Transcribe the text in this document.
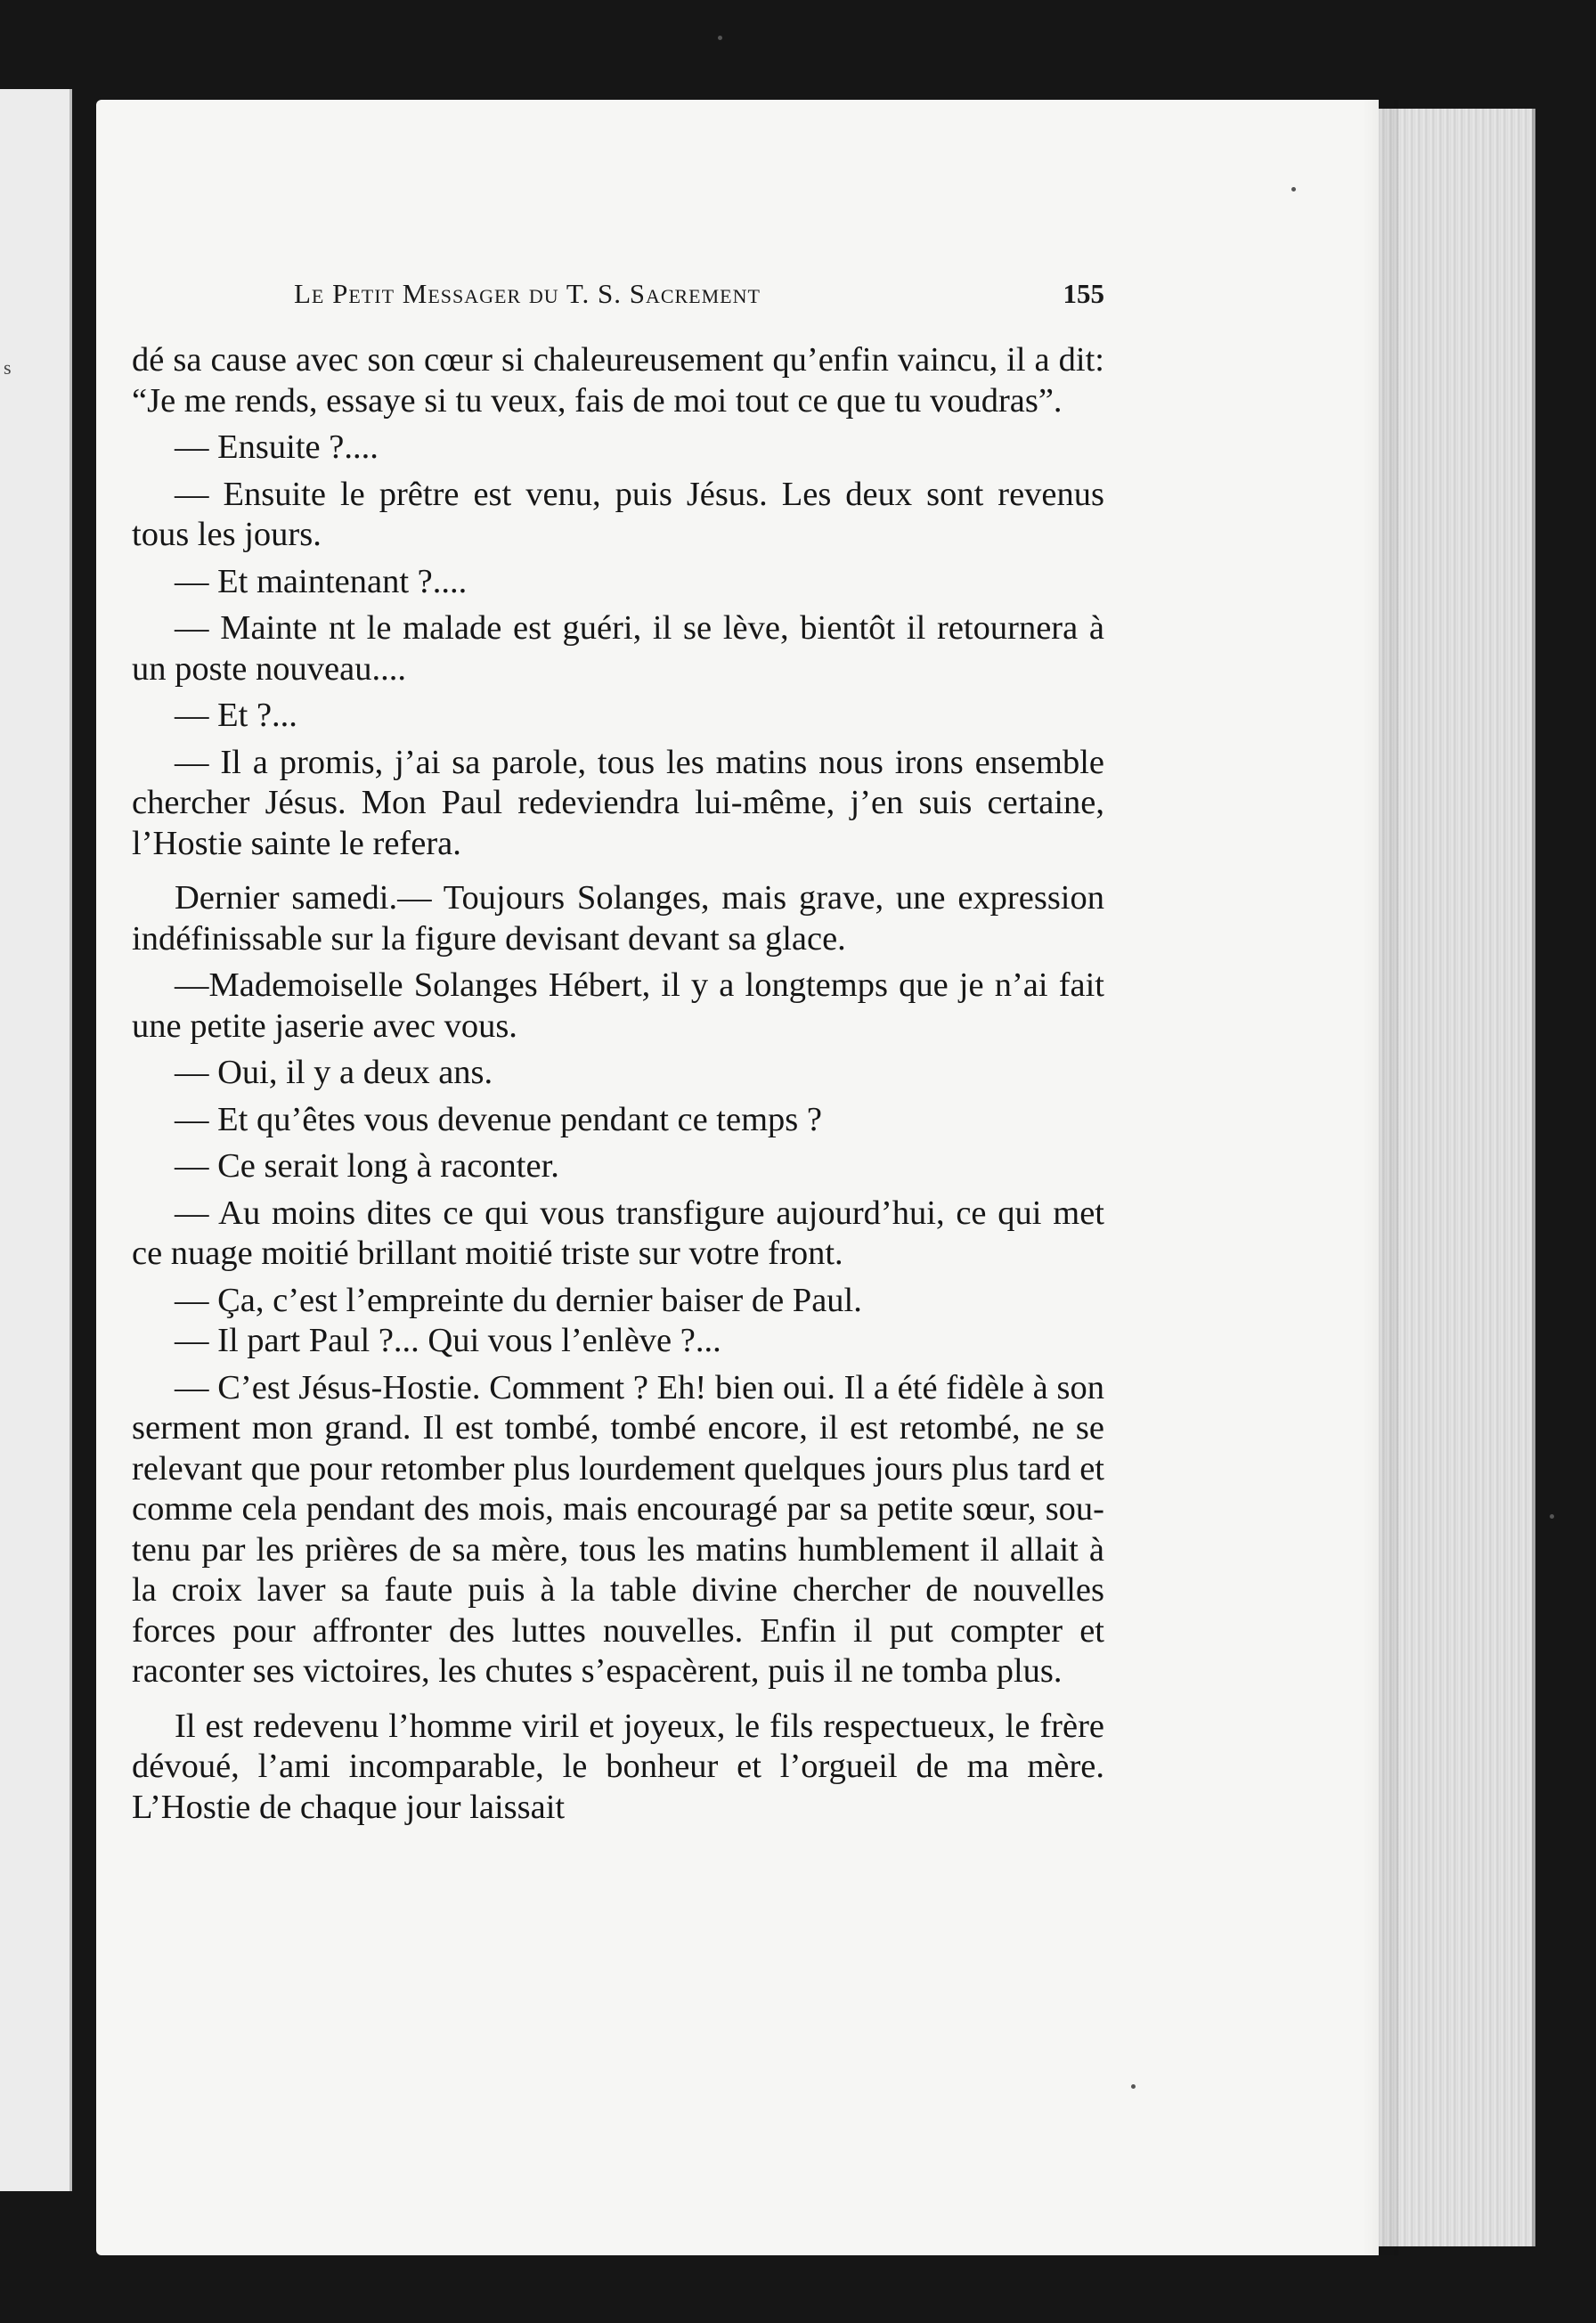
s
Le Petit Messager du T. S. Sacrement	155

dé sa cause avec son cœur si chaleureusement qu’enfin vaincu, il a dit: “Je me rends, essaye si tu veux, fais de moi tout ce que tu voudras”.

— Ensuite ?....

— Ensuite le prêtre est venu, puis Jésus. Les deux sont revenus tous les jours.

— Et maintenant ?....

— Mainte nt le malade est guéri, il se lève, bientôt il retournera à un poste nouveau....

— Et ?...

— Il a promis, j’ai sa parole, tous les matins nous irons ensemble chercher Jésus. Mon Paul redeviendra lui-même, j’en suis certaine, l’Hostie sainte le refera.

Dernier samedi.— Toujours Solanges, mais grave, une expression indéfinissable sur la figure devisant devant sa glace.

—Mademoiselle Solanges Hébert, il y a longtemps que je n’ai fait une petite jaserie avec vous.

— Oui, il y a deux ans.

— Et qu’êtes vous devenue pendant ce temps ?

— Ce serait long à raconter.

— Au moins dites ce qui vous transfigure aujourd’hui, ce qui met ce nuage moitié brillant moitié triste sur votre front.

— Ça, c’est l’empreinte du dernier baiser de Paul.

— Il part Paul ?... Qui vous l’enlève ?...

— C’est Jésus-Hostie. Comment ? Eh! bien oui. Il a été fidèle à son serment mon grand. Il est tombé, tombé encore, il est retombé, ne se relevant que pour retomber plus lourdement quelques jours plus tard et comme cela pendant des mois, mais encouragé par sa petite sœur, soutenu par les prières de sa mère, tous les matins humblement il allait à la croix laver sa faute puis à la table divine chercher de nouvelles forces pour affronter des luttes nouvelles. Enfin il put compter et raconter ses victoires, les chutes s’espacèrent, puis il ne tomba plus.

Il est redevenu l’homme viril et joyeux, le fils respectueux, le frère dévoué, l’ami incomparable, le bonheur et l’orgueil de ma mère. L’Hostie de chaque jour laissait
